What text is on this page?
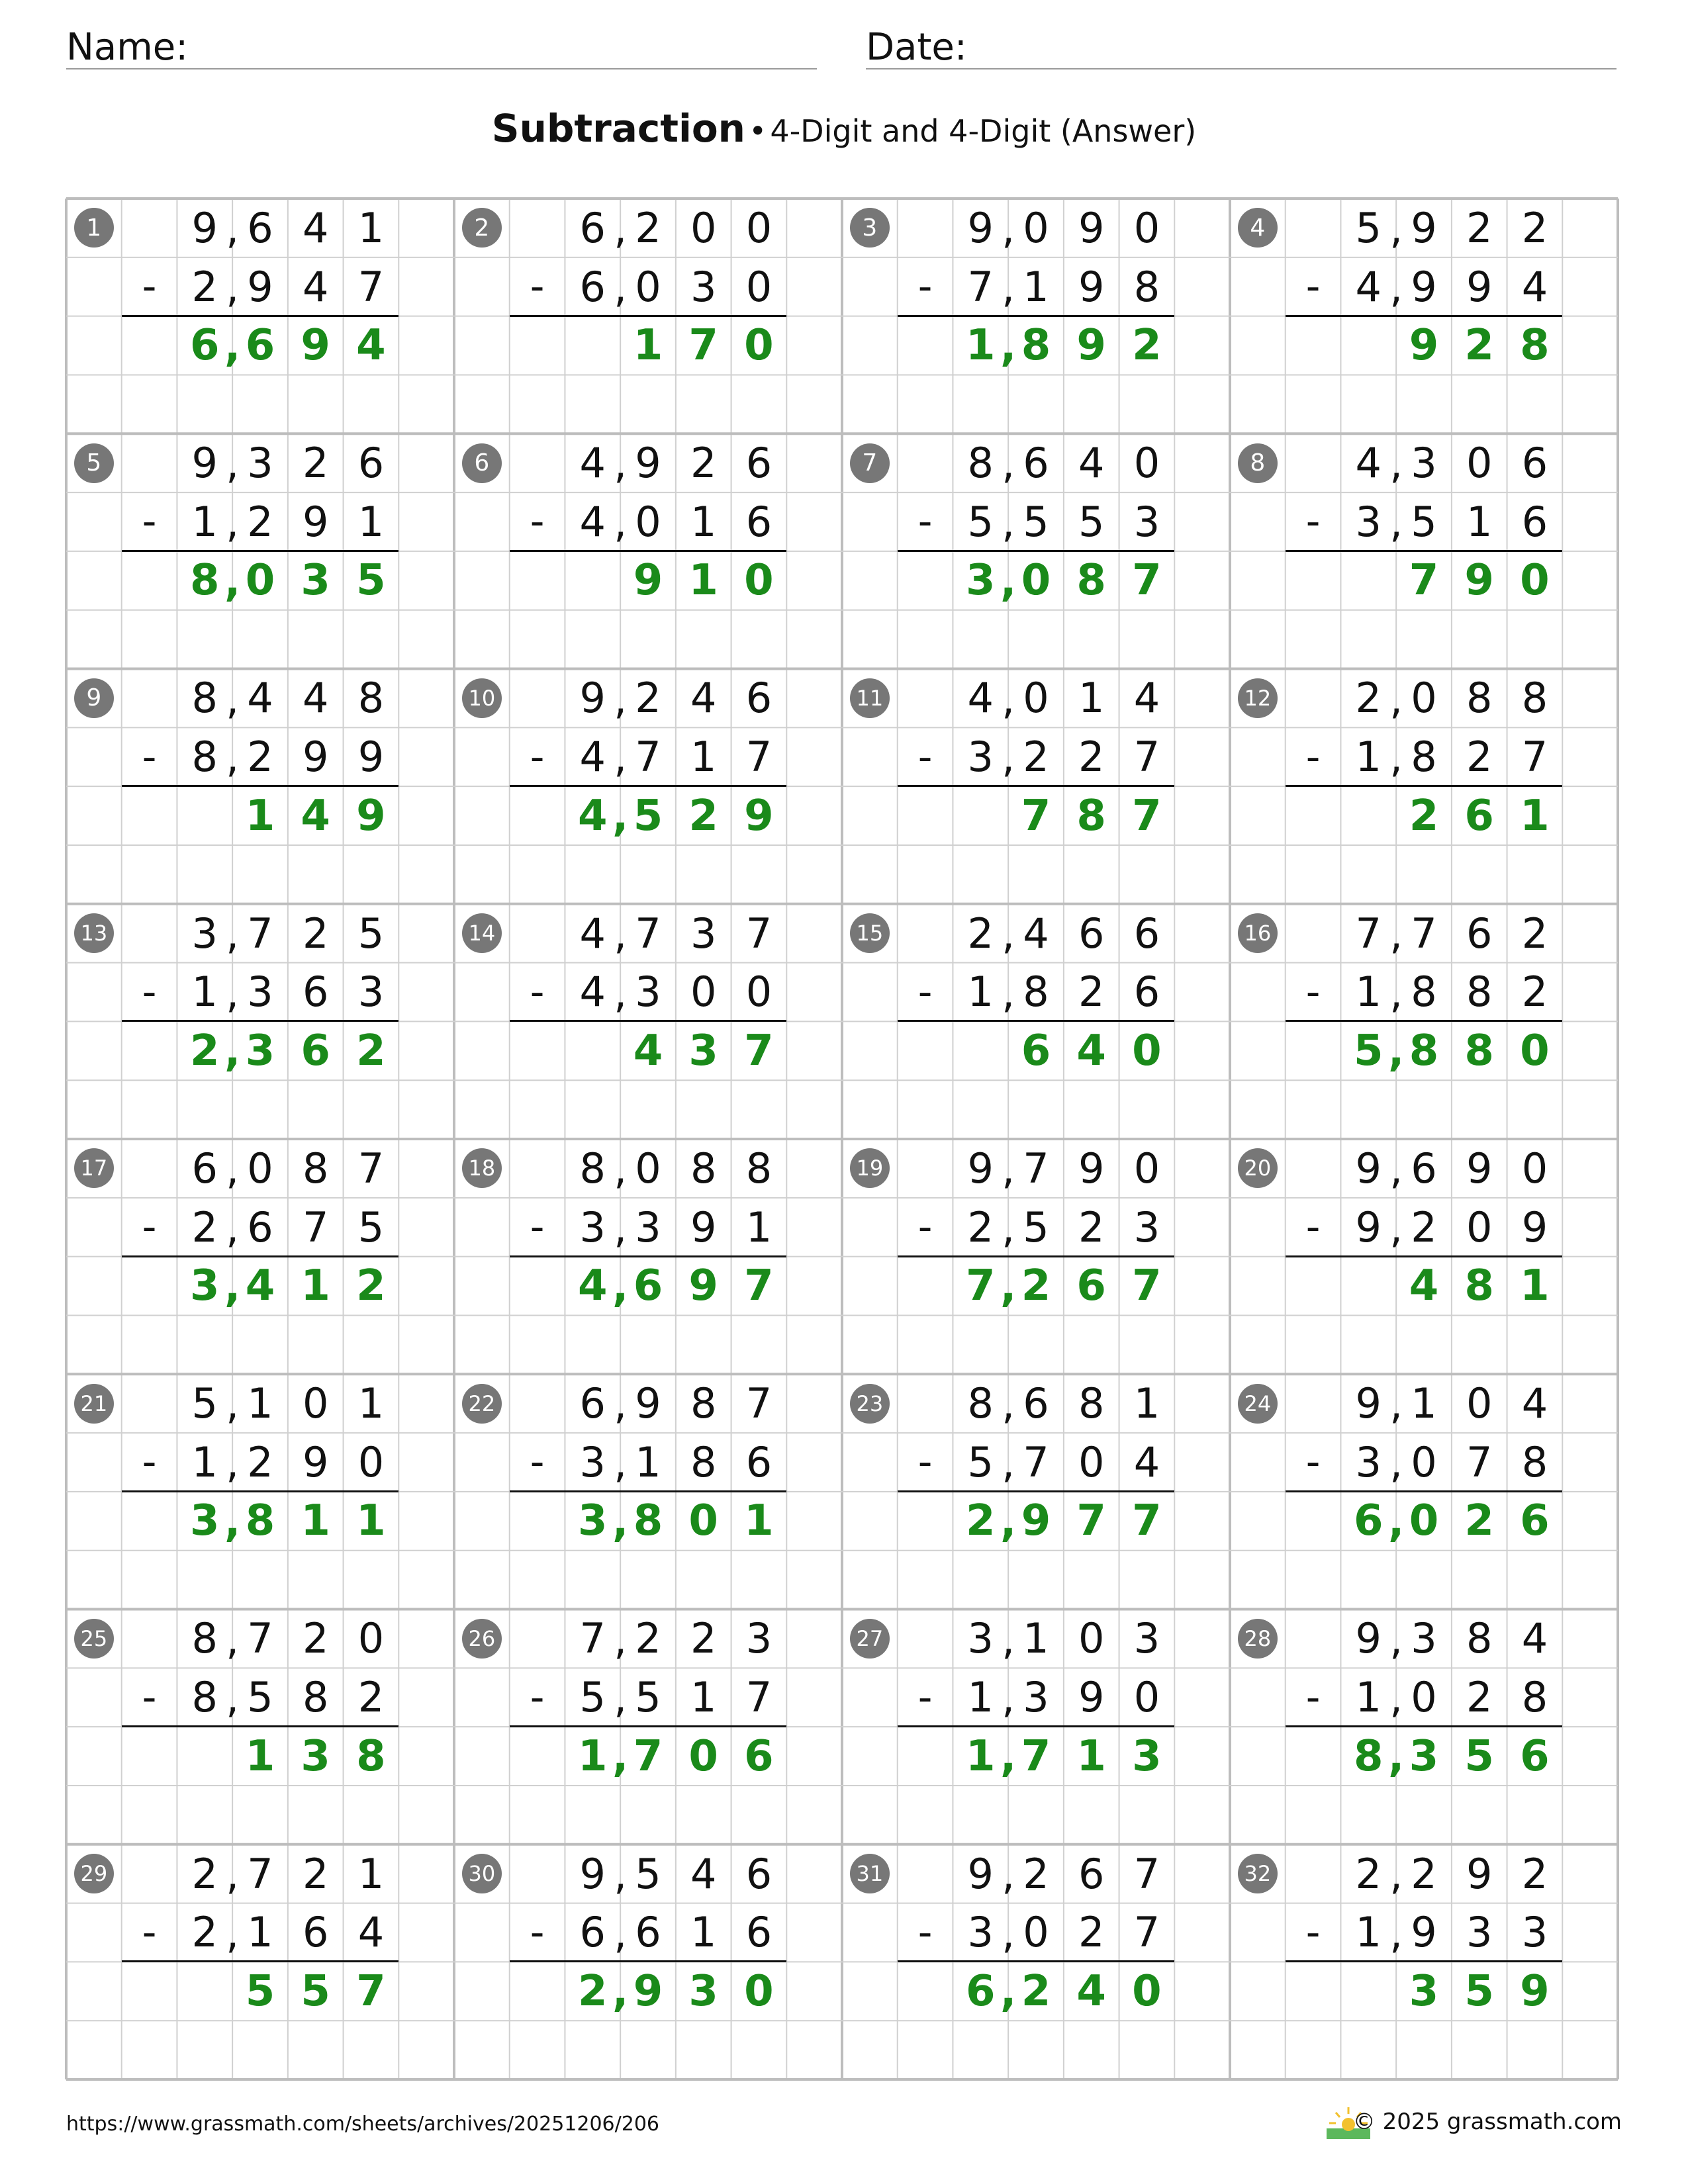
Name:	Date:
Subtraction • 4-Digit and 4-Digit (Answer)
1	9 6 4 1
,
- 2 9 4 7
,
6 6 9 4
,
2	6 2 0 0
,
- 6 0 3 0
,
1 7 0
3	9 0 9 0
,
- 7 1 9 8
,
1 8 9 2
,
4	5 9 2 2
,
- 4 9 9 4
,
9 2 8
5	9 3 2 6
,
- 1 2 9 1
,
8 0 3 5
,
6	4 9 2 6
,
- 4 0 1 6
,
9 1 0
7	8 6 4 0
,
- 5 5 5 3
,
3 0 8 7
,
8	4 3 0 6
,
- 3 5 1 6
,
7 9 0
9	8 4 4 8
,
- 8 2 9 9
,
1 4 9
10	9 2 4 6
,
- 4 7 1 7
,
4 5 2 9
,
11	4 0 1 4
,
- 3 2 2 7
,
7 8 7
12	2 0 8 8
,
- 1 8 2 7
,
2 6 1
13	3 7 2 5
,
- 1 3 6 3
,
2 3 6 2
,
14	4 7 3 7
,
- 4 3 0 0
,
4 3 7
15	2 4 6 6
,
- 1 8 2 6
,
6 4 0
16	7 7 6 2
,
- 1 8 8 2
,
5 8 8 0
,
17	6 0 8 7
,
- 2 6 7 5
,
3 4 1 2
,
18	8 0 8 8
,
- 3 3 9 1
,
4 6 9 7
,
19	9 7 9 0
,
- 2 5 2 3
,
7 2 6 7
,
20	9 6 9 0
,
- 9 2 0 9
,
4 8 1
21	5 1 0 1
,
- 1 2 9 0
,
3 8 1 1
,
22	6 9 8 7
,
- 3 1 8 6
,
3 8 0 1
,
23	8 6 8 1
,
- 5 7 0 4
,
2 9 7 7
,
24	9 1 0 4
,
- 3 0 7 8
,
6 0 2 6
,
25	8 7 2 0
,
- 8 5 8 2
,
1 3 8
26	7 2 2 3
,
- 5 5 1 7
,
1 7 0 6
,
27	3 1 0 3
,
- 1 3 9 0
,
1 7 1 3
,
28	9 3 8 4
,
- 1 0 2 8
,
8 3 5 6
,
29	2 7 2 1
,
- 2 1 6 4
,
5 5 7
30	9 5 4 6
,
- 6 6 1 6
,
2 9 3 0
,
31	9 2 6 7
,
- 3 0 2 7
,
6 2 4 0
,
32	2 2 9 2
,
- 1 9 3 3
,
3 5 9
https://www.grassmath.com/sheets/archives/20251206/206	© 2025 grassmath.com
